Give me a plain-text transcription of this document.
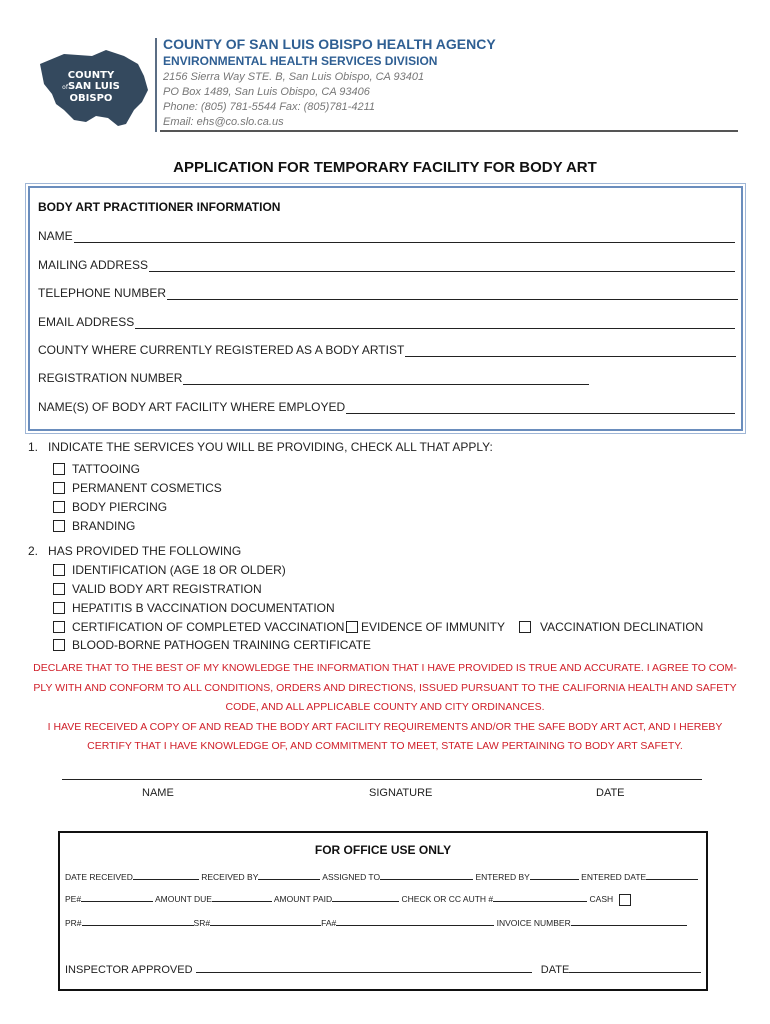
COUNTY
ofSAN LUIS
OBISPO
COUNTY OF SAN LUIS OBISPO HEALTH AGENCY
ENVIRONMENTAL HEALTH SERVICES DIVISION
2156 Sierra Way STE. B, San Luis Obispo, CA 93401
PO Box 1489, San Luis Obispo, CA 93406
Phone: (805) 781-5544 Fax: (805)781-4211
Email: ehs@co.slo.ca.us
APPLICATION FOR TEMPORARY FACILITY FOR BODY ART
BODY ART PRACTITIONER INFORMATION
NAME
MAILING ADDRESS
TELEPHONE NUMBER
EMAIL ADDRESS
COUNTY WHERE CURRENTLY REGISTERED AS A BODY ARTIST
REGISTRATION NUMBER
NAME(S) OF BODY ART FACILITY WHERE EMPLOYED
1. INDICATE THE SERVICES YOU WILL BE PROVIDING, CHECK ALL THAT APPLY:
TATTOOING
PERMANENT COSMETICS
BODY PIERCING
BRANDING
2. HAS PROVIDED THE FOLLOWING
IDENTIFICATION (AGE 18 OR OLDER)
VALID BODY ART REGISTRATION
HEPATITIS B VACCINATION DOCUMENTATION
CERTIFICATION OF COMPLETED VACCINATION EVIDENCE OF IMMUNITY	VACCINATION DECLINATION
BLOOD-BORNE PATHOGEN TRAINING CERTIFICATE
DECLARE THAT TO THE BEST OF MY KNOWLEDGE THE INFORMATION THAT I HAVE PROVIDED IS TRUE AND ACCURATE. I AGREE TO COM-
PLY WITH AND CONFORM TO ALL CONDITIONS, ORDERS AND DIRECTIONS, ISSUED PURSUANT TO THE CALIFORNIA HEALTH AND SAFETY
CODE, AND ALL APPLICABLE COUNTY AND CITY ORDINANCES.
I HAVE RECEIVED A COPY OF AND READ THE BODY ART FACILITY REQUIREMENTS AND/OR THE SAFE BODY ART ACT, AND I HEREBY
CERTIFY THAT I HAVE KNOWLEDGE OF, AND COMMITMENT TO MEET, STATE LAW PERTAINING TO BODY ART SAFETY.
NAME	SIGNATURE	DATE
FOR OFFICE USE ONLY
DATE RECEIVED	RECEIVED BY	ASSIGNED TO	ENTERED BY	ENTERED DATE
PE#	AMOUNT DUE	AMOUNT PAID	CHECK OR CC AUTH #	CASH
PR#	SR#	FA#	INVOICE NUMBER
INSPECTOR APPROVED	DATE
